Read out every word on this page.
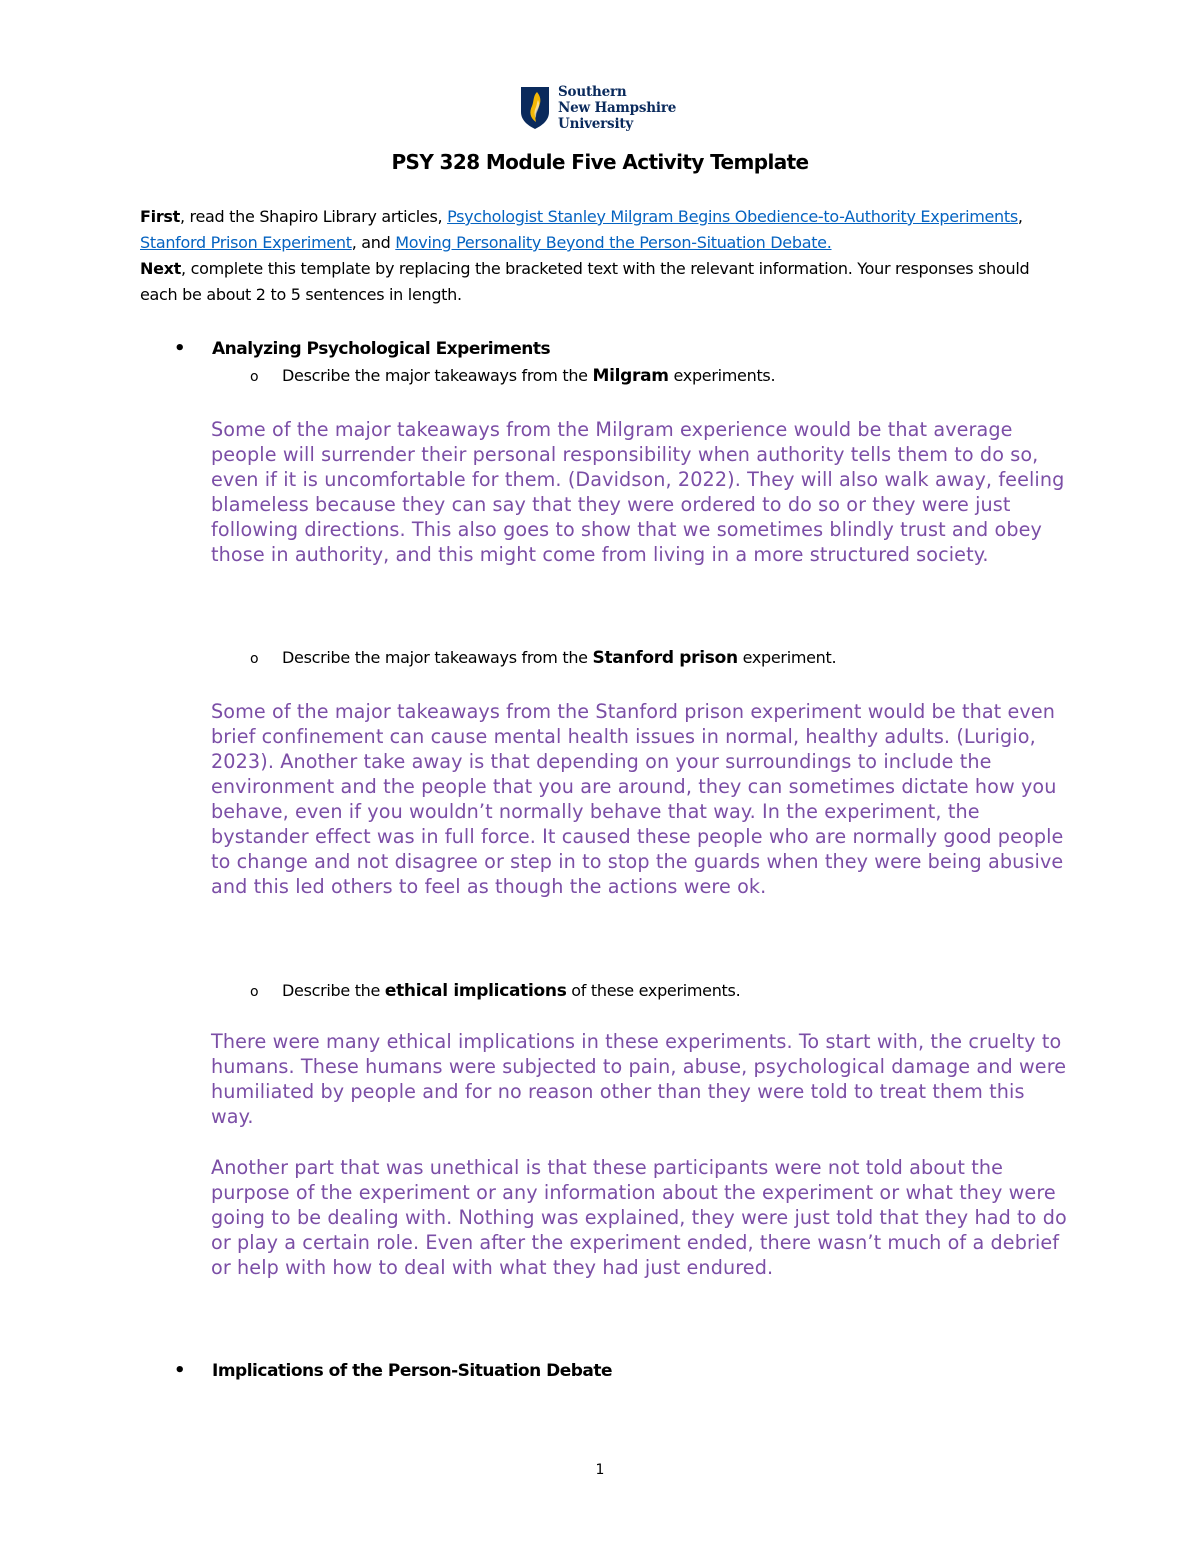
Southern
New Hampshire
University
PSY 328 Module Five Activity Template
First, read the Shapiro Library articles, Psychologist Stanley Milgram Begins Obedience-to-Authority Experiments, Stanford Prison Experiment, and Moving Personality Beyond the Person-Situation Debate.
Next, complete this template by replacing the bracketed text with the relevant information. Your responses should each be about 2 to 5 sentences in length.
•	Analyzing Psychological Experiments
o	Describe the major takeaways from the Milgram experiments.

Some of the major takeaways from the Milgram experience would be that average people will surrender their personal responsibility when authority tells them to do so, even if it is uncomfortable for them. (Davidson, 2022). They will also walk away, feeling blameless because they can say that they were ordered to do so or they were just following directions. This also goes to show that we sometimes blindly trust and obey those in authority, and this might come from living in a more structured society.

o	Describe the major takeaways from the Stanford prison experiment.

Some of the major takeaways from the Stanford prison experiment would be that even brief confinement can cause mental health issues in normal, healthy adults. (Lurigio, 2023). Another take away is that depending on your surroundings to include the environment and the people that you are around, they can sometimes dictate how you behave, even if you wouldn’t normally behave that way. In the experiment, the bystander effect was in full force. It caused these people who are normally good people to change and not disagree or step in to stop the guards when they were being abusive and this led others to feel as though the actions were ok.

o	Describe the ethical implications of these experiments.

There were many ethical implications in these experiments. To start with, the cruelty to humans. These humans were subjected to pain, abuse, psychological damage and were humiliated by people and for no reason other than they were told to treat them this way.

Another part that was unethical is that these participants were not told about the purpose of the experiment or any information about the experiment or what they were going to be dealing with. Nothing was explained, they were just told that they had to do or play a certain role. Even after the experiment ended, there wasn’t much of a debrief or help with how to deal with what they had just endured.

•	Implications of the Person-Situation Debate
1
